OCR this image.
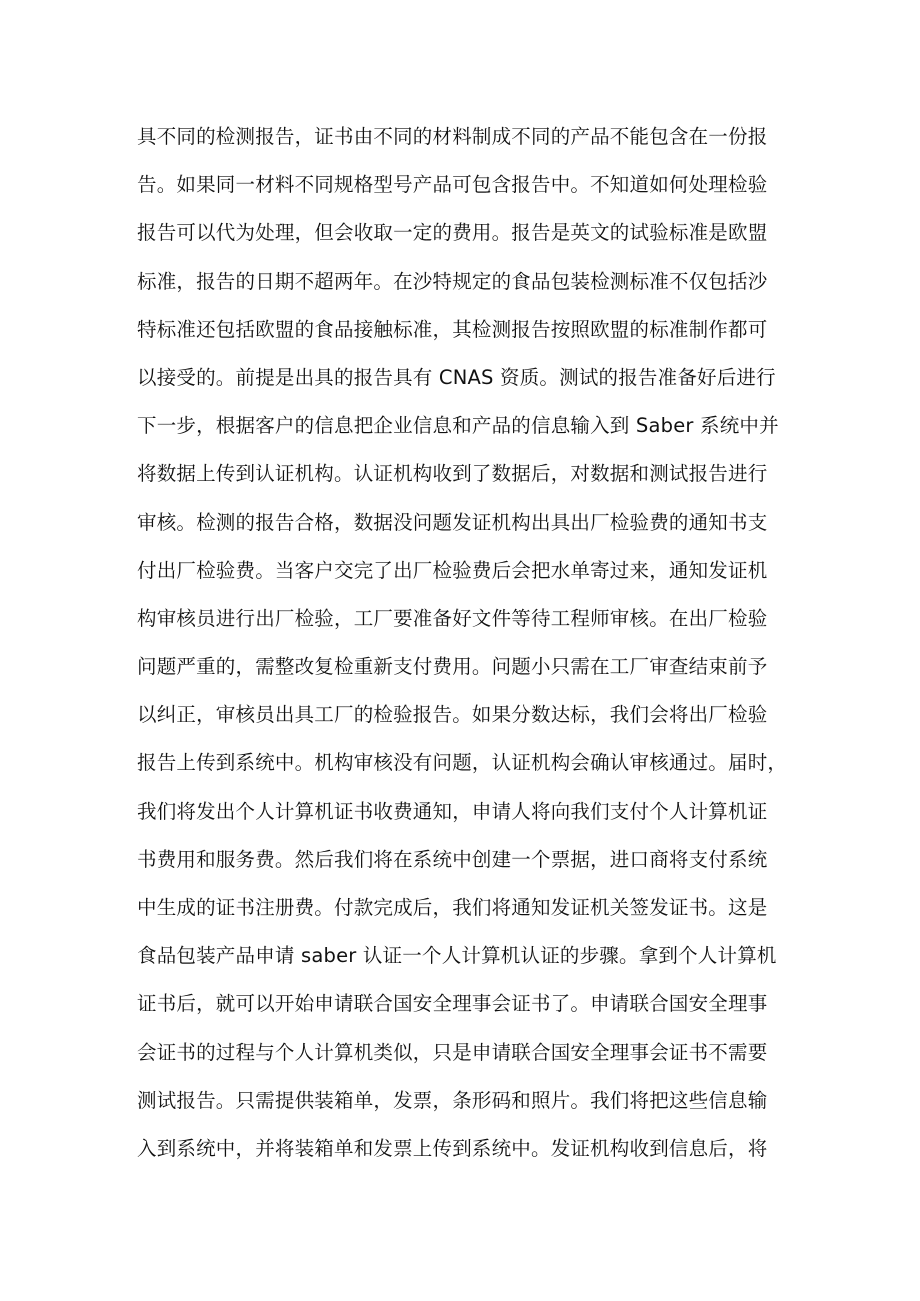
具不同的检测报告，证书由不同的材料制成不同的产品不能包含在一份报
告。如果同一材料不同规格型号产品可包含报告中。不知道如何处理检验
报告可以代为处理，但会收取一定的费用。报告是英文的试验标准是欧盟
标准，报告的日期不超两年。在沙特规定的食品包装检测标准不仅包括沙
特标准还包括欧盟的食品接触标准，其检测报告按照欧盟的标准制作都可
以接受的。前提是出具的报告具有 CNAS 资质。测试的报告准备好后进行
下一步，根据客户的信息把企业信息和产品的信息输入到 Saber 系统中并
将数据上传到认证机构。认证机构收到了数据后，对数据和测试报告进行
审核。检测的报告合格，数据没问题发证机构出具出厂检验费的通知书支
付出厂检验费。当客户交完了出厂检验费后会把水单寄过来，通知发证机
构审核员进行出厂检验，工厂要准备好文件等待工程师审核。在出厂检验
问题严重的，需整改复检重新支付费用。问题小只需在工厂审查结束前予
以纠正，审核员出具工厂的检验报告。如果分数达标，我们会将出厂检验
报告上传到系统中。机构审核没有问题，认证机构会确认审核通过。届时，
我们将发出个人计算机证书收费通知，申请人将向我们支付个人计算机证
书费用和服务费。然后我们将在系统中创建一个票据，进口商将支付系统
中生成的证书注册费。付款完成后，我们将通知发证机关签发证书。这是
食品包装产品申请 saber 认证一个人计算机认证的步骤。拿到个人计算机
证书后，就可以开始申请联合国安全理事会证书了。申请联合国安全理事
会证书的过程与个人计算机类似，只是申请联合国安全理事会证书不需要
测试报告。只需提供装箱单，发票，条形码和照片。我们将把这些信息输
入到系统中，并将装箱单和发票上传到系统中。发证机构收到信息后，将
